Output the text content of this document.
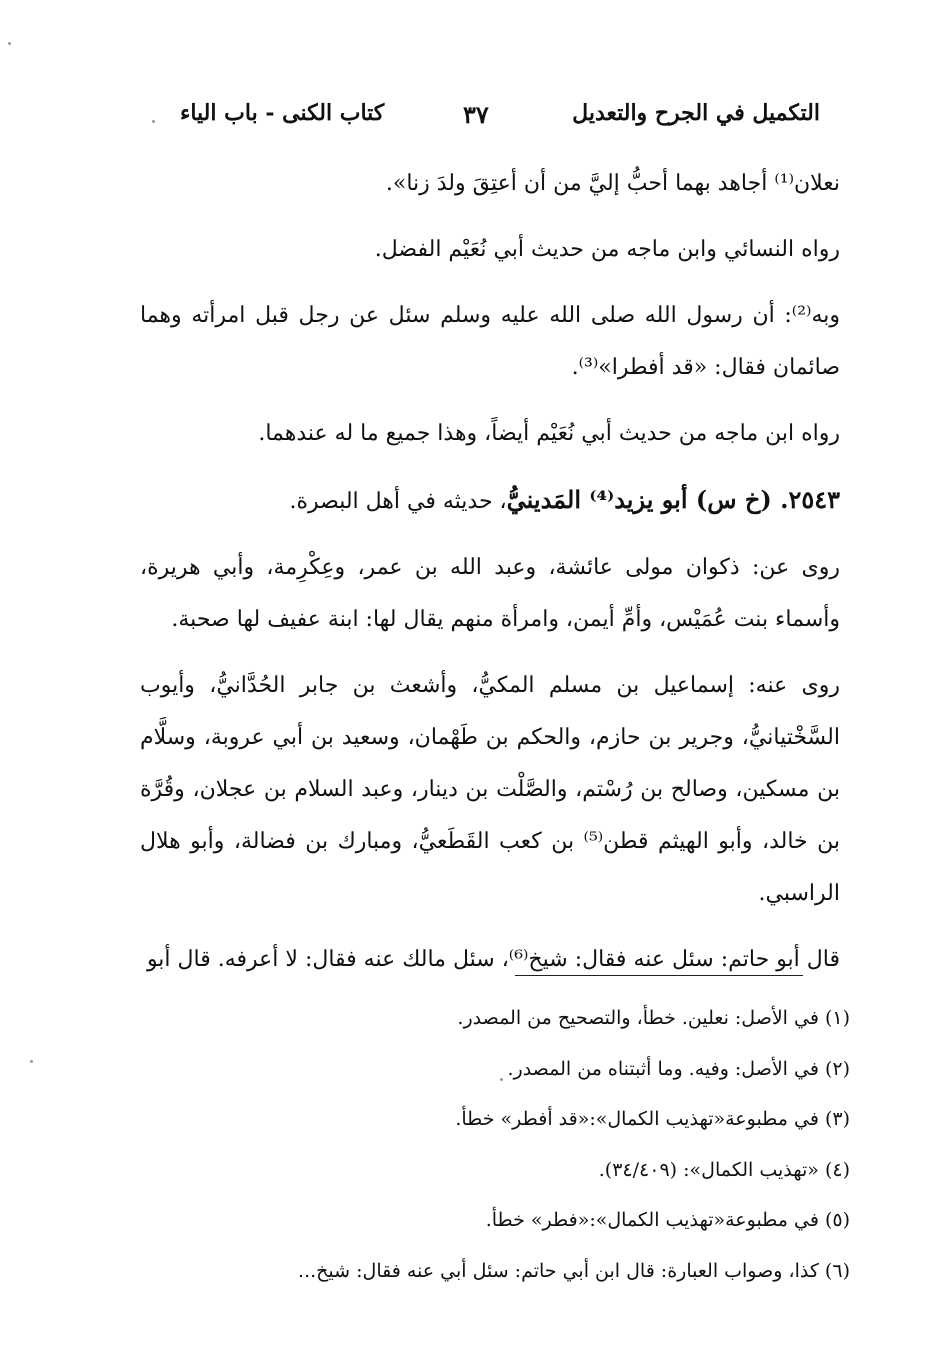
التكميل في الجرح والتعديل
٣٧
كتاب الكنى - باب الياء

نعلان⁽¹⁾ أجاهد بهما أحبُّ إليَّ من أن أعتِقَ ولدَ زنا».

رواه النسائي وابن ماجه من حديث أبي نُعَيْم الفضل.

وبه⁽²⁾: أن رسول الله صلى الله عليه وسلم سئل عن رجل قبل امرأته وهما صائمان فقال: «قد أفطرا»⁽³⁾.

رواه ابن ماجه من حديث أبي نُعَيْم أيضاً، وهذا جميع ما له عندهما.

٢٥٤٣. (خ س) أبو يزيد⁽⁴⁾ المَدينيُّ، حديثه في أهل البصرة.

روى عن: ذكوان مولى عائشة، وعبد الله بن عمر، وعِكْرِمة، وأبي هريرة، وأسماء بنت عُمَيْس، وأمِّ أيمن، وامرأة منهم يقال لها: ابنة عفيف لها صحبة.

روى عنه: إسماعيل بن مسلم المكيُّ، وأشعث بن جابر الحُدَّانيُّ، وأيوب السَّخْتيانيُّ، وجرير بن حازم، والحكم بن طَهْمان، وسعيد بن أبي عروبة، وسلَّام بن مسكين، وصالح بن رُسْتم، والصَّلْت بن دينار، وعبد السلام بن عجلان، وقُرَّة بن خالد، وأبو الهيثم قطن⁽⁵⁾ بن كعب القَطَعيُّ، ومبارك بن فضالة، وأبو هلال الراسبي.

قال أبو حاتم: سئل عنه فقال: شيخ⁽⁶⁾، سئل مالك عنه فقال: لا أعرفه. قال أبو

(١) في الأصل: نعلين. خطأ، والتصحيح من المصدر.
(٢) في الأصل: وفيه. وما أثبتناه من المصدر.
(٣) في مطبوعة«تهذيب الكمال»:«قد أفطر» خطأ.
(٤) «تهذيب الكمال»: (٣٤/٤٠٩).
(٥) في مطبوعة«تهذيب الكمال»:«فطر» خطأ.
(٦) كذا، وصواب العبارة: قال ابن أبي حاتم: سئل أبي عنه فقال: شيخ...
